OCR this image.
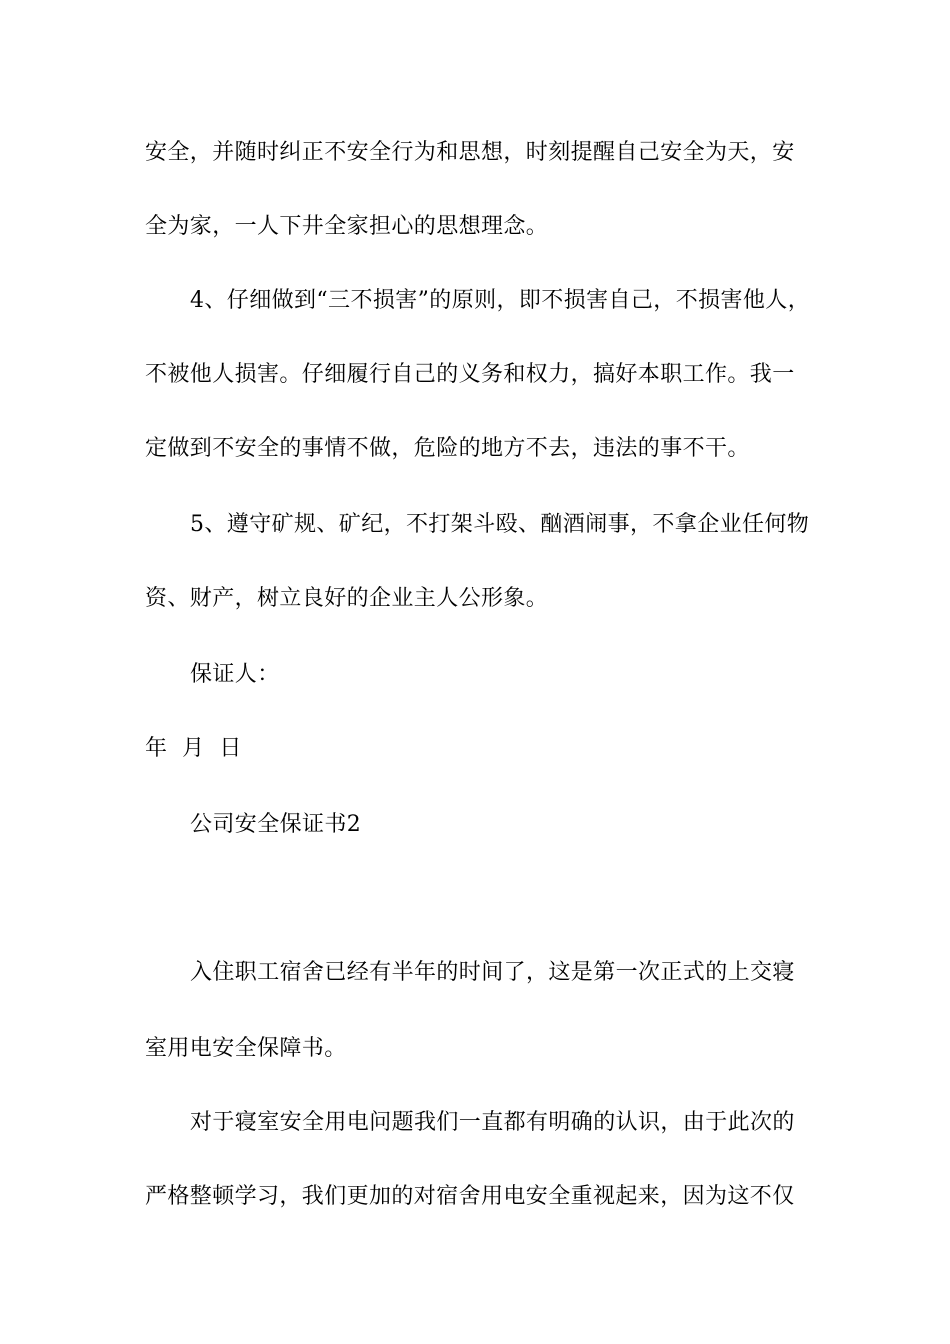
安全，并随时纠正不安全行为和思想，时刻提醒自己安全为天，安
全为家，一人下井全家担心的思想理念。
4、仔细做到“三不损害”的原则，即不损害自己，不损害他人，
不被他人损害。仔细履行自己的义务和权力，搞好本职工作。我一
定做到不安全的事情不做，危险的地方不去，违法的事不干。
5、遵守矿规、矿纪，不打架斗殴、酗酒闹事，不拿企业任何物
资、财产，树立良好的企业主人公形象。
保证人：
年  月  日
公司安全保证书2
入住职工宿舍已经有半年的时间了，这是第一次正式的上交寝
室用电安全保障书。
对于寝室安全用电问题我们一直都有明确的认识，由于此次的
严格整顿学习，我们更加的对宿舍用电安全重视起来，因为这不仅
